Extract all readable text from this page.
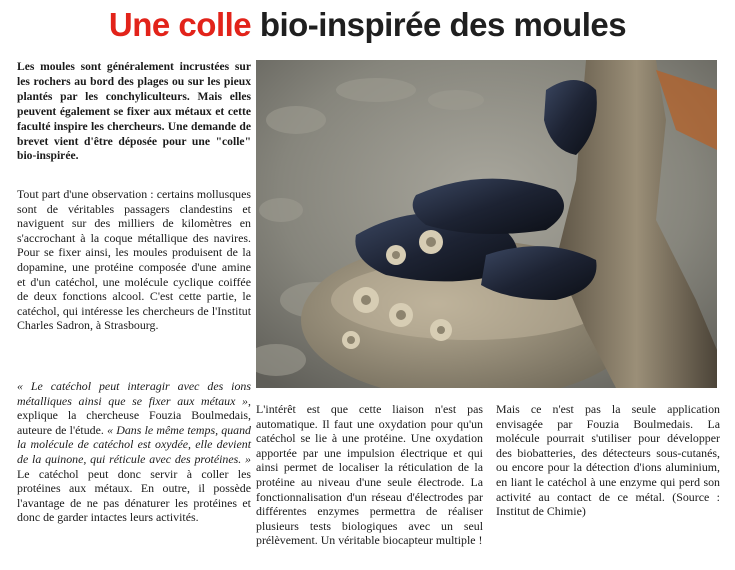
Une colle bio-inspirée des moules
Les moules sont généralement incrustées sur les rochers au bord des plages ou sur les pieux plantés par les conchyliculteurs. Mais elles peuvent également se fixer aux métaux et cette faculté inspire les chercheurs. Une demande de brevet vient d'être déposée pour une "colle" bio-inspirée.
Tout part d'une observation : certains mollusques sont de véritables passagers clandestins et naviguent sur des milliers de kilomètres en s'accrochant à la coque métallique des navires. Pour se fixer ainsi, les moules produisent de la dopamine, une protéine composée d'une amine et d'un catéchol, une molécule cyclique coiffée de deux fonctions alcool. C'est cette partie, le catéchol, qui intéresse les chercheurs de l'Institut Charles Sadron, à Strasbourg.
« Le catéchol peut interagir avec des ions métalliques ainsi que se fixer aux métaux », explique la chercheuse Fouzia Boulmedais, auteure de l'étude. « Dans le même temps, quand la molécule de catéchol est oxydée, elle devient de la quinone, qui réticule avec des protéines. » Le catéchol peut donc servir à coller les protéines aux métaux. En outre, il possède l'avantage de ne pas dénaturer les protéines et donc de garder intactes leurs activités.
L'intérêt est que cette liaison n'est pas automatique. Il faut une oxydation pour qu'un catéchol se lie à une protéine. Une oxydation apportée par une impulsion électrique et qui ainsi permet de localiser la réticulation de la protéine au niveau d'une seule électrode. La fonctionnalisation d'un réseau d'électrodes par différentes enzymes permettra de réaliser plusieurs tests biologiques avec un seul prélèvement. Un véritable biocapteur multiple !
Mais ce n'est pas la seule application envisagée par Fouzia Boulmedais. La molécule pourrait s'utiliser pour développer des biobatteries, des détecteurs sous-cutanés, ou encore pour la détection d'ions aluminium, en liant le catéchol à une enzyme qui perd son activité au contact de ce métal. (Source : Institut de Chimie)
